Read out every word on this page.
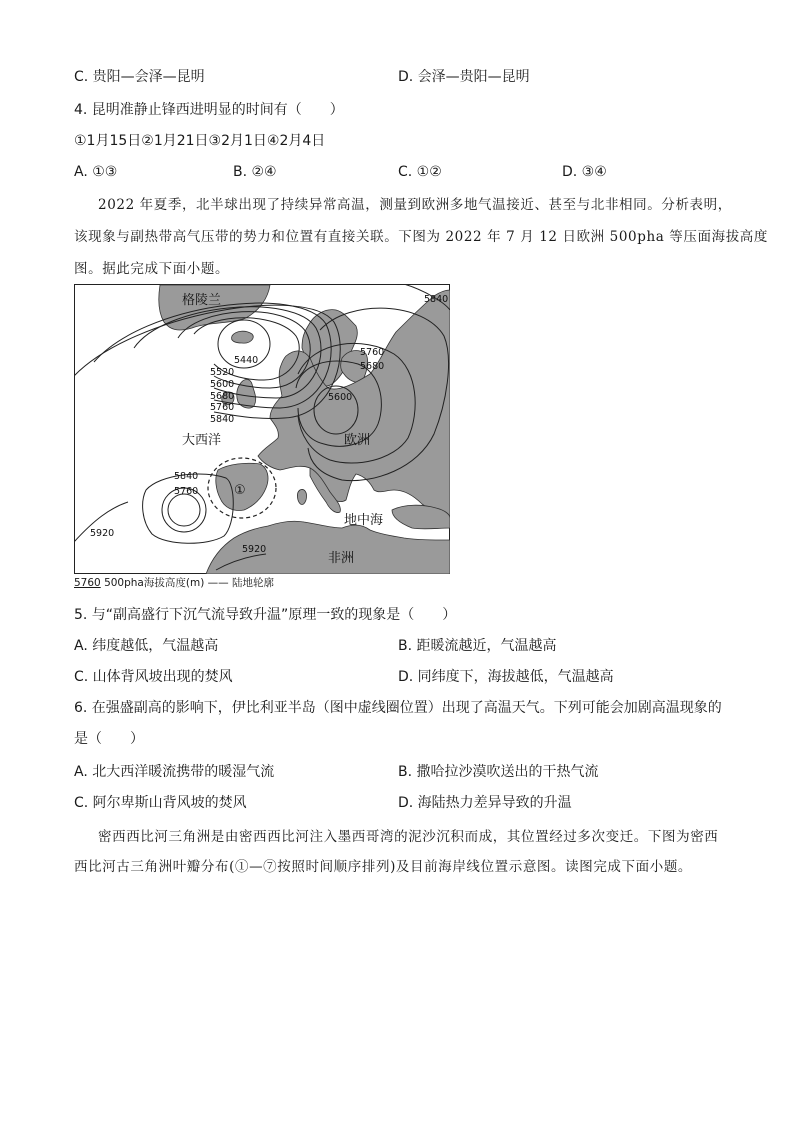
C. 贵阳—会泽—昆明	D. 会泽—贵阳—昆明
4. 昆明准静止锋西进明显的时间有（　　）
①1月15日②1月21日③2月1日④2月4日
A. ①③	B. ②④	C. ①②	D. ③④
2022 年夏季，北半球出现了持续异常高温，测量到欧洲多地气温接近、甚至与北非相同。分析表明，
该现象与副热带高气压带的势力和位置有直接关联。下图为 2022 年 7 月 12 日欧洲 500pha 等压面海拔高度
图。据此完成下面小题。
格陵兰
大西洋	欧洲
地中海
非洲
①
5440
5520
5600
5680
5760
5840
5760
5680
5600
5840
5840
5760
5920
5920
5760 500pha海拔高度(m) —— 陆地轮廓
5. 与“副高盛行下沉气流导致升温”原理一致的现象是（　　）
A. 纬度越低，气温越高	B. 距暖流越近，气温越高
C. 山体背风坡出现的焚风	D. 同纬度下，海拔越低，气温越高
6. 在强盛副高的影响下，伊比利亚半岛（图中虚线圈位置）出现了高温天气。下列可能会加剧高温现象的
是（　　）
A. 北大西洋暖流携带的暖湿气流	B. 撒哈拉沙漠吹送出的干热气流
C. 阿尔卑斯山背风坡的焚风	D. 海陆热力差异导致的升温
密西西比河三角洲是由密西西比河注入墨西哥湾的泥沙沉积而成，其位置经过多次变迁。下图为密西
西比河古三角洲叶瓣分布(①—⑦按照时间顺序排列)及目前海岸线位置示意图。读图完成下面小题。
